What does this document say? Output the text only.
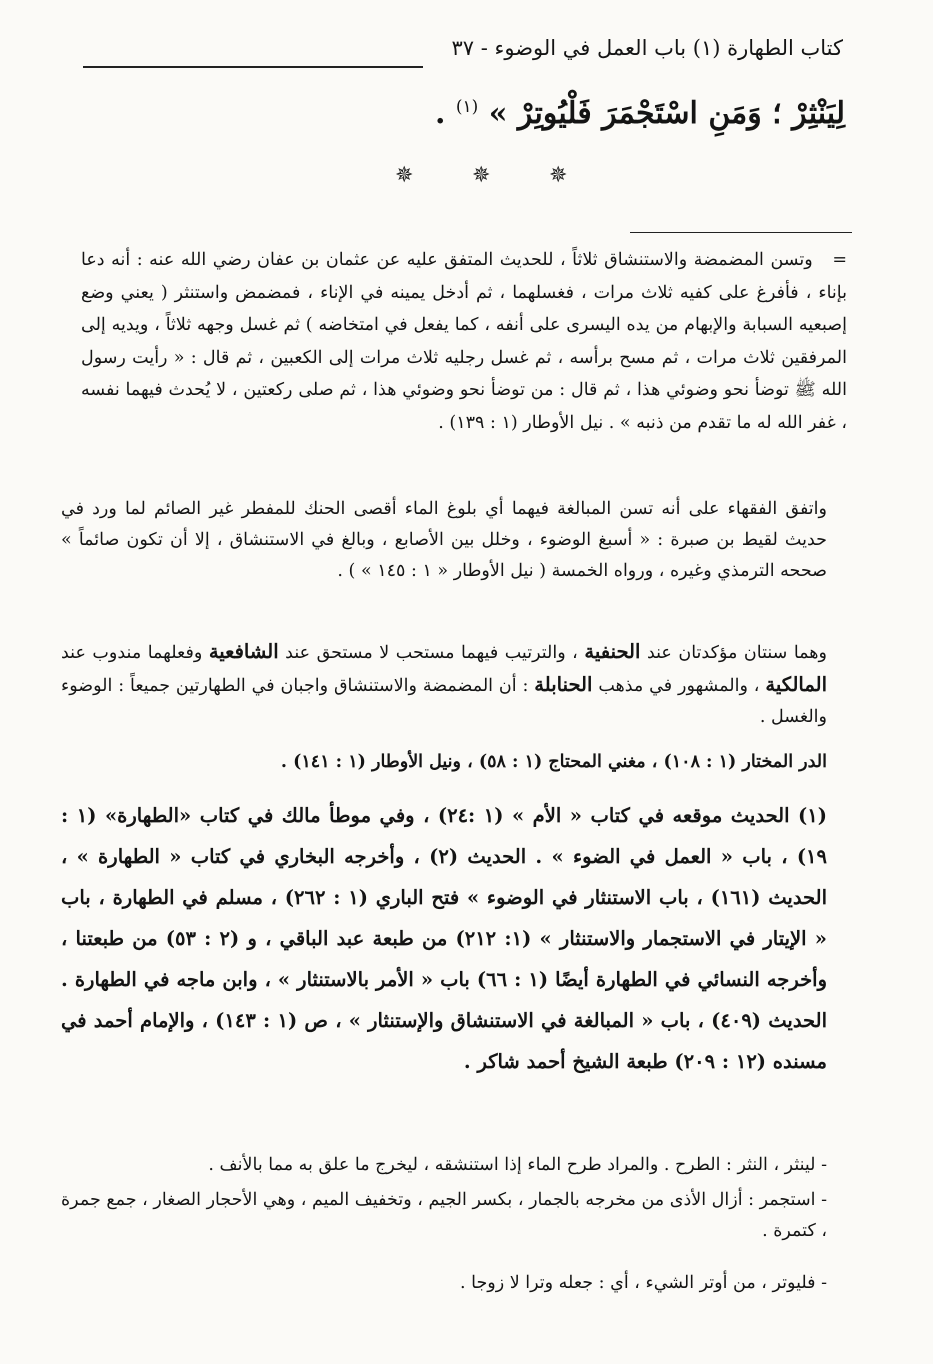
كتاب الطهارة (١) باب العمل في الوضوء - ٣٧
لِيَنْثِرْ ؛ وَمَنِ اسْتَجْمَرَ فَلْيُوتِرْ » $^{(١)}$ .
✵	✵	✵

=   وتسن المضمضة والاستنشاق ثلاثاً ، للحديث المتفق عليه عن عثمان بن عفان رضي الله عنه : أنه دعا بإناء ، فأفرغ على كفيه ثلاث مرات ، فغسلهما ، ثم أدخل يمينه في الإناء ، فمضمض واستنثر ( يعني وضع إصبعيه السبابة والإبهام من يده اليسرى على أنفه ، كما يفعل في امتخاضه ) ثم غسل وجهه ثلاثاً ، ويديه إلى المرفقين ثلاث مرات ، ثم مسح برأسه ، ثم غسل رجليه ثلاث مرات إلى الكعبين ، ثم قال : « رأيت رسول الله ﷺ توضأ نحو وضوئي هذا ، ثم قال : من توضأ نحو وضوئي هذا ، ثم صلى ركعتين ، لا يُحدث فيهما نفسه ، غفر الله له ما تقدم من ذنبه » . نيل الأوطار (١ : ١٣٩) .

واتفق الفقهاء على أنه تسن المبالغة فيهما أي بلوغ الماء أقصى الحنك للمفطر غير الصائم لما ورد في حديث لقيط بن صبرة : « أسبغ الوضوء ، وخلل بين الأصابع ، وبالغ في الاستنشاق ، إلا أن تكون صائماً » صححه الترمذي وغيره ، ورواه الخمسة ( نيل الأوطار « ١ : ١٤٥ » ) .

وهما سنتان مؤكدتان عند الحنفية ، والترتيب فيهما مستحب لا مستحق عند الشافعية وفعلهما مندوب عند المالكية ، والمشهور في مذهب الحنابلة : أن المضمضة والاستنشاق واجبان في الطهارتين جميعاً : الوضوء والغسل .

الدر المختار (١ : ١٠٨) ، مغني المحتاج (١ : ٥٨) ، ونيل الأوطار (١ : ١٤١) .

(١) الحديث موقعه في كتاب « الأم » (١ :٢٤) ، وفي موطأ مالك في كتاب «الطهارة» (١ : ١٩) ، باب « العمل في الضوء » . الحديث (٢) ، وأخرجه البخاري في كتاب « الطهارة » ، الحديث (١٦١) ، باب الاستنثار في الوضوء » فتح الباري (١ : ٢٦٢) ، مسلم في الطهارة ، باب « الإيتار في الاستجمار والاستنثار » (١: ٢١٢) من طبعة عبد الباقي ، و (٢ : ٥٣) من طبعتنا ، وأخرجه النسائي في الطهارة أيضًا (١ : ٦٦) باب « الأمر بالاستنثار » ، وابن ماجه في الطهارة . الحديث (٤٠٩) ، باب « المبالغة في الاستنشاق والإستنثار » ، ص (١ : ١٤٣) ، والإمام أحمد في مسنده (١٢ : ٢٠٩) طبعة الشيخ أحمد شاكر .

- لينثر ، النثر : الطرح . والمراد طرح الماء إذا استنشقه ، ليخرج ما علق به مما بالأنف .

- استجمر : أزال الأذى من مخرجه بالجمار ، بكسر الجيم ، وتخفيف الميم ، وهي الأحجار الصغار ، جمع جمرة ، كتمرة .

- فليوتر ، من أوتر الشيء ، أي : جعله وترا لا زوجا .
